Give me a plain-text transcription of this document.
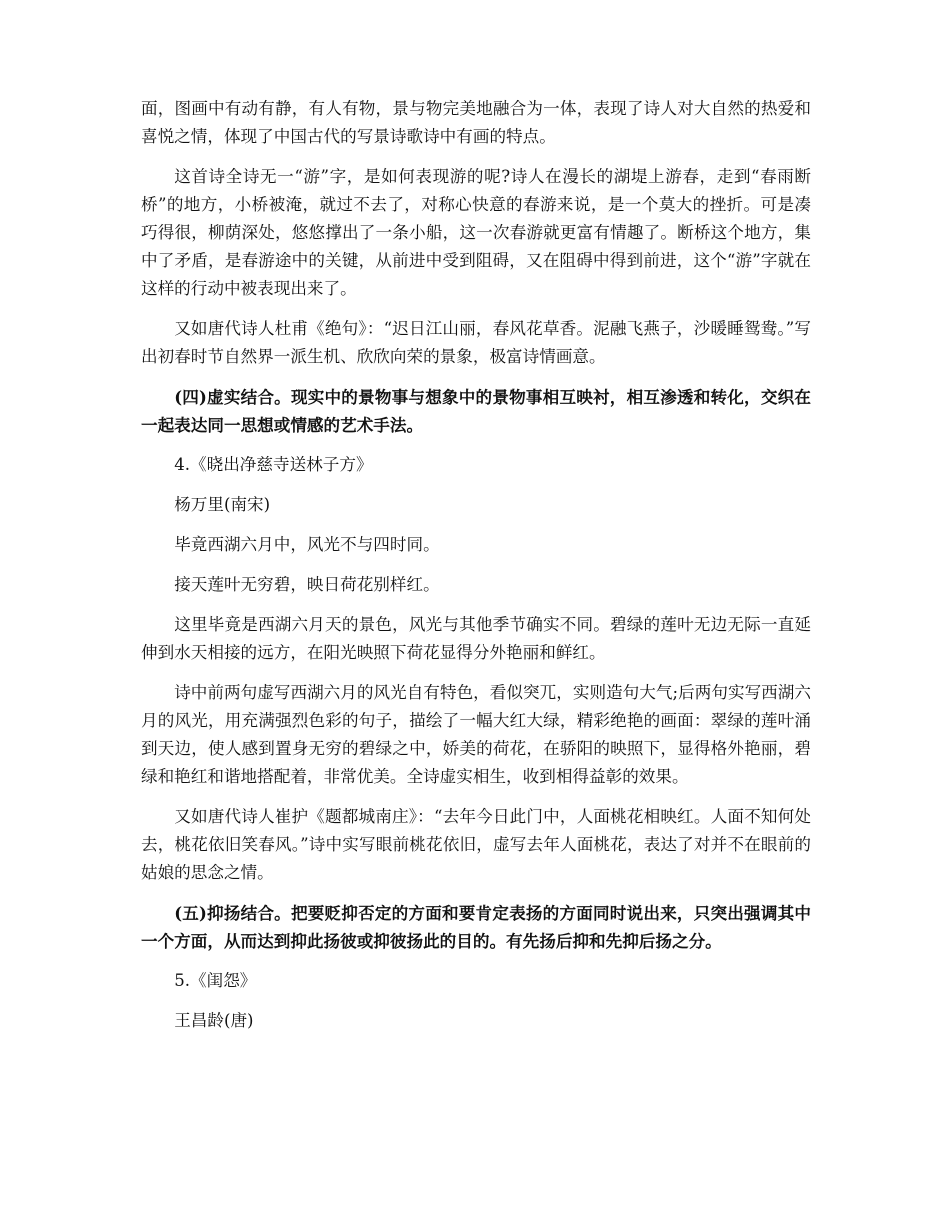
面，图画中有动有静，有人有物，景与物完美地融合为一体，表现了诗人对大自然的热爱和喜悦之情，体现了中国古代的写景诗歌诗中有画的特点。

这首诗全诗无一“游”字，是如何表现游的呢?诗人在漫长的湖堤上游春，走到“春雨断桥”的地方，小桥被淹，就过不去了，对称心快意的春游来说，是一个莫大的挫折。可是凑巧得很，柳荫深处，悠悠撑出了一条小船，这一次春游就更富有情趣了。断桥这个地方，集中了矛盾，是春游途中的关键，从前进中受到阻碍，又在阻碍中得到前进，这个“游”字就在这样的行动中被表现出来了。

又如唐代诗人杜甫《绝句》：“迟日江山丽，春风花草香。泥融飞燕子，沙暖睡鸳鸯。”写出初春时节自然界一派生机、欣欣向荣的景象，极富诗情画意。

(四)虚实结合。现实中的景物事与想象中的景物事相互映衬，相互渗透和转化，交织在一起表达同一思想或情感的艺术手法。

4.《晓出净慈寺送林子方》

杨万里(南宋)

毕竟西湖六月中，风光不与四时同。

接天莲叶无穷碧，映日荷花别样红。

这里毕竟是西湖六月天的景色，风光与其他季节确实不同。碧绿的莲叶无边无际一直延伸到水天相接的远方，在阳光映照下荷花显得分外艳丽和鲜红。

诗中前两句虚写西湖六月的风光自有特色，看似突兀，实则造句大气;后两句实写西湖六月的风光，用充满强烈色彩的句子，描绘了一幅大红大绿，精彩绝艳的画面：翠绿的莲叶涌到天边，使人感到置身无穷的碧绿之中，娇美的荷花，在骄阳的映照下，显得格外艳丽，碧绿和艳红和谐地搭配着，非常优美。全诗虚实相生，收到相得益彰的效果。

又如唐代诗人崔护《题都城南庄》：“去年今日此门中，人面桃花相映红。人面不知何处去，桃花依旧笑春风。”诗中实写眼前桃花依旧，虚写去年人面桃花，表达了对并不在眼前的姑娘的思念之情。

(五)抑扬结合。把要贬抑否定的方面和要肯定表扬的方面同时说出来，只突出强调其中一个方面，从而达到抑此扬彼或抑彼扬此的目的。有先扬后抑和先抑后扬之分。

5.《闺怨》

王昌龄(唐)
